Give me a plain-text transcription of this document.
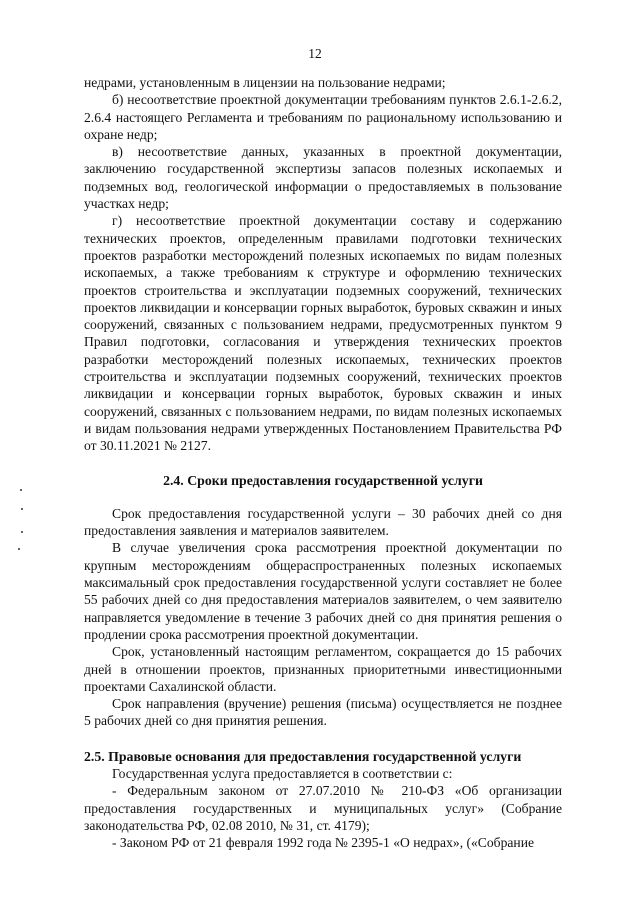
12

недрами, установленным в лицензии на пользование недрами;

б) несоответствие проектной документации требованиям пунктов 2.6.1-2.6.2, 2.6.4 настоящего Регламента и требованиям по рациональному использованию и охране недр;

в) несоответствие данных, указанных в проектной документации, заключению государственной экспертизы запасов полезных ископаемых и подземных вод, геологической информации о предоставляемых в пользование участках недр;

г) несоответствие проектной документации составу и содержанию технических проектов, определенным правилами подготовки технических проектов разработки месторождений полезных ископаемых по видам полезных ископаемых, а также требованиям к структуре и оформлению технических проектов строительства и эксплуатации подземных сооружений, технических проектов ликвидации и консервации горных выработок, буровых скважин и иных сооружений, связанных с пользованием недрами, предусмотренных пунктом 9 Правил подготовки, согласования и утверждения технических проектов разработки месторождений полезных ископаемых, технических проектов строительства и эксплуатации подземных сооружений, технических проектов ликвидации и консервации горных выработок, буровых скважин и иных сооружений, связанных с пользованием недрами, по видам полезных ископаемых и видам пользования недрами утвержденных Постановлением Правительства РФ от 30.11.2021 № 2127.

2.4. Сроки предоставления государственной услуги

Срок предоставления государственной услуги – 30 рабочих дней со дня предоставления заявления и материалов заявителем.

В случае увеличения срока рассмотрения проектной документации по крупным месторождениям общераспространенных полезных ископаемых максимальный срок предоставления государственной услуги составляет не более 55 рабочих дней со дня предоставления материалов заявителем, о чем заявителю направляется уведомление в течение 3 рабочих дней со дня принятия решения о продлении срока рассмотрения проектной документации.

Срок, установленный настоящим регламентом, сокращается до 15 рабочих дней в отношении проектов, признанных приоритетными инвестиционными проектами Сахалинской области.

Срок направления (вручение) решения (письма) осуществляется не позднее 5 рабочих дней со дня принятия решения.

2.5. Правовые основания для предоставления государственной услуги

Государственная услуга предоставляется в соответствии с:

- Федеральным законом от 27.07.2010 № 210-ФЗ «Об организации предоставления государственных и муниципальных услуг» (Собрание законодательства РФ, 02.08 2010, № 31, ст. 4179);

- Законом РФ от 21 февраля 1992 года № 2395-1 «О недрах», («Собрание
